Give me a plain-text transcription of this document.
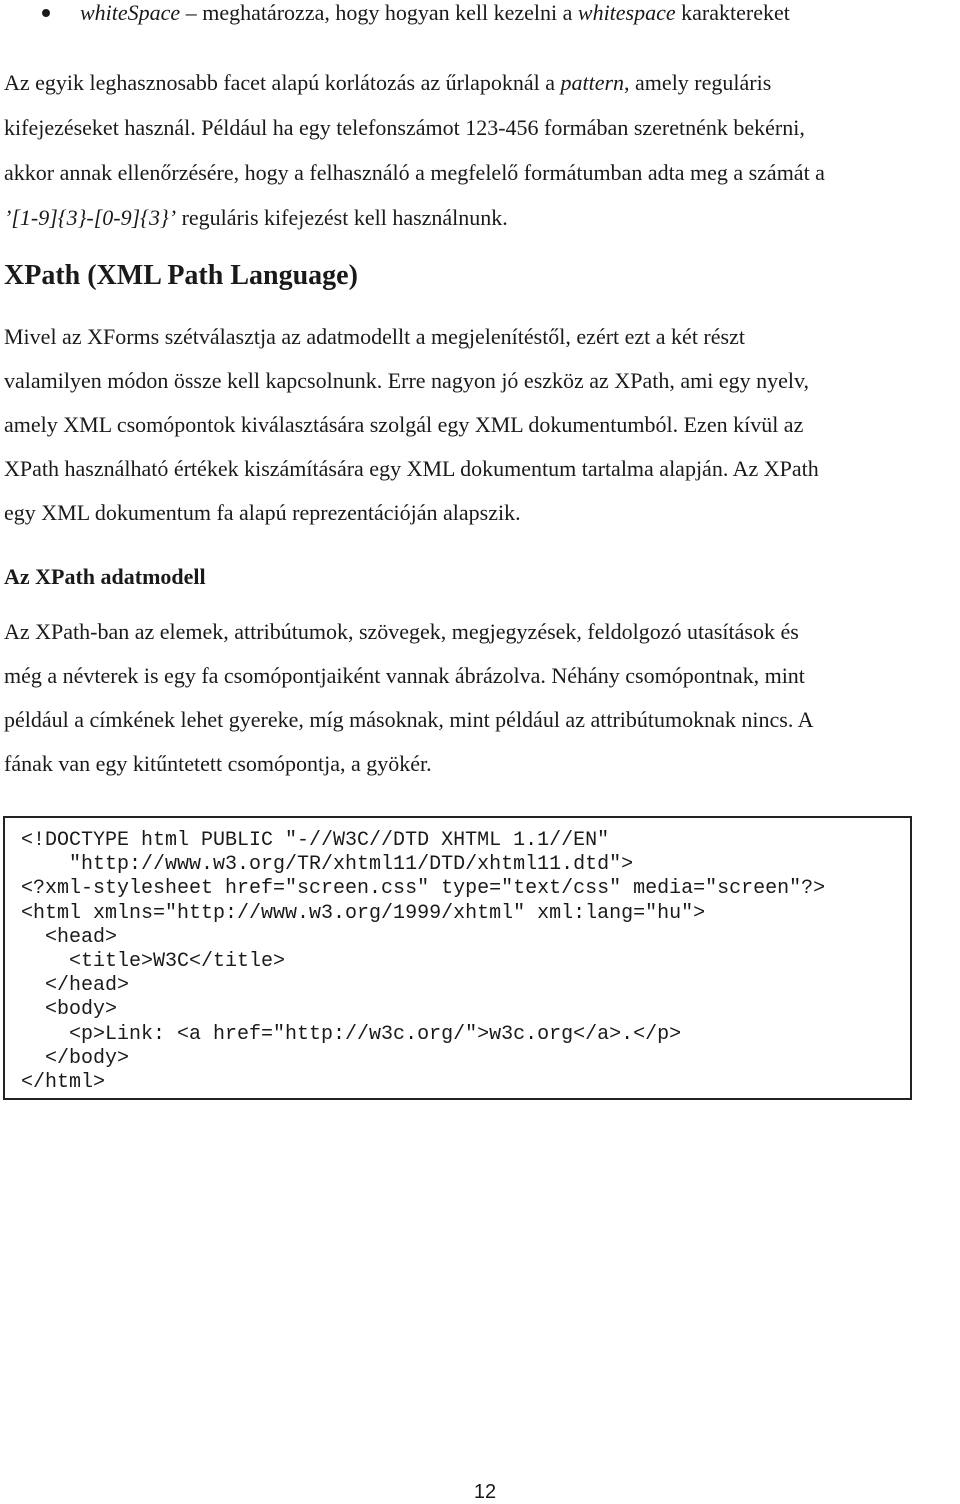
whiteSpace – meghatározza, hogy hogyan kell kezelni a whitespace karaktereket
Az egyik leghasznosabb facet alapú korlátozás az űrlapoknál a pattern, amely reguláris
kifejezéseket használ. Például ha egy telefonszámot 123-456 formában szeretnénk bekérni,
akkor annak ellenőrzésére, hogy a felhasználó a megfelelő formátumban adta meg a számát a
’[1-9]{3}-[0-9]{3}’ reguláris kifejezést kell használnunk.
XPath (XML Path Language)
Mivel az XForms szétválasztja az adatmodellt a megjelenítéstől, ezért ezt a két részt
valamilyen módon össze kell kapcsolnunk. Erre nagyon jó eszköz az XPath, ami egy nyelv,
amely XML csomópontok kiválasztására szolgál egy XML dokumentumból. Ezen kívül az
XPath használható értékek kiszámítására egy XML dokumentum tartalma alapján. Az XPath
egy XML dokumentum fa alapú reprezentációján alapszik.
Az XPath adatmodell
Az XPath-ban az elemek, attribútumok, szövegek, megjegyzések, feldolgozó utasítások és
még a névterek is egy fa csomópontjaiként vannak ábrázolva. Néhány csomópontnak, mint
például a címkének lehet gyereke, míg másoknak, mint például az attribútumoknak nincs. A
fának van egy kitűntetett csomópontja, a gyökér.
<!DOCTYPE html PUBLIC "-//W3C//DTD XHTML 1.1//EN"
"http://www.w3.org/TR/xhtml11/DTD/xhtml11.dtd">
<?xml-stylesheet href="screen.css" type="text/css" media="screen"?>
<html xmlns="http://www.w3.org/1999/xhtml" xml:lang="hu">
<head>
<title>W3C</title>
</head>
<body>
<p>Link: <a href="http://w3c.org/">w3c.org</a>.</p>
</body>
</html>
12
